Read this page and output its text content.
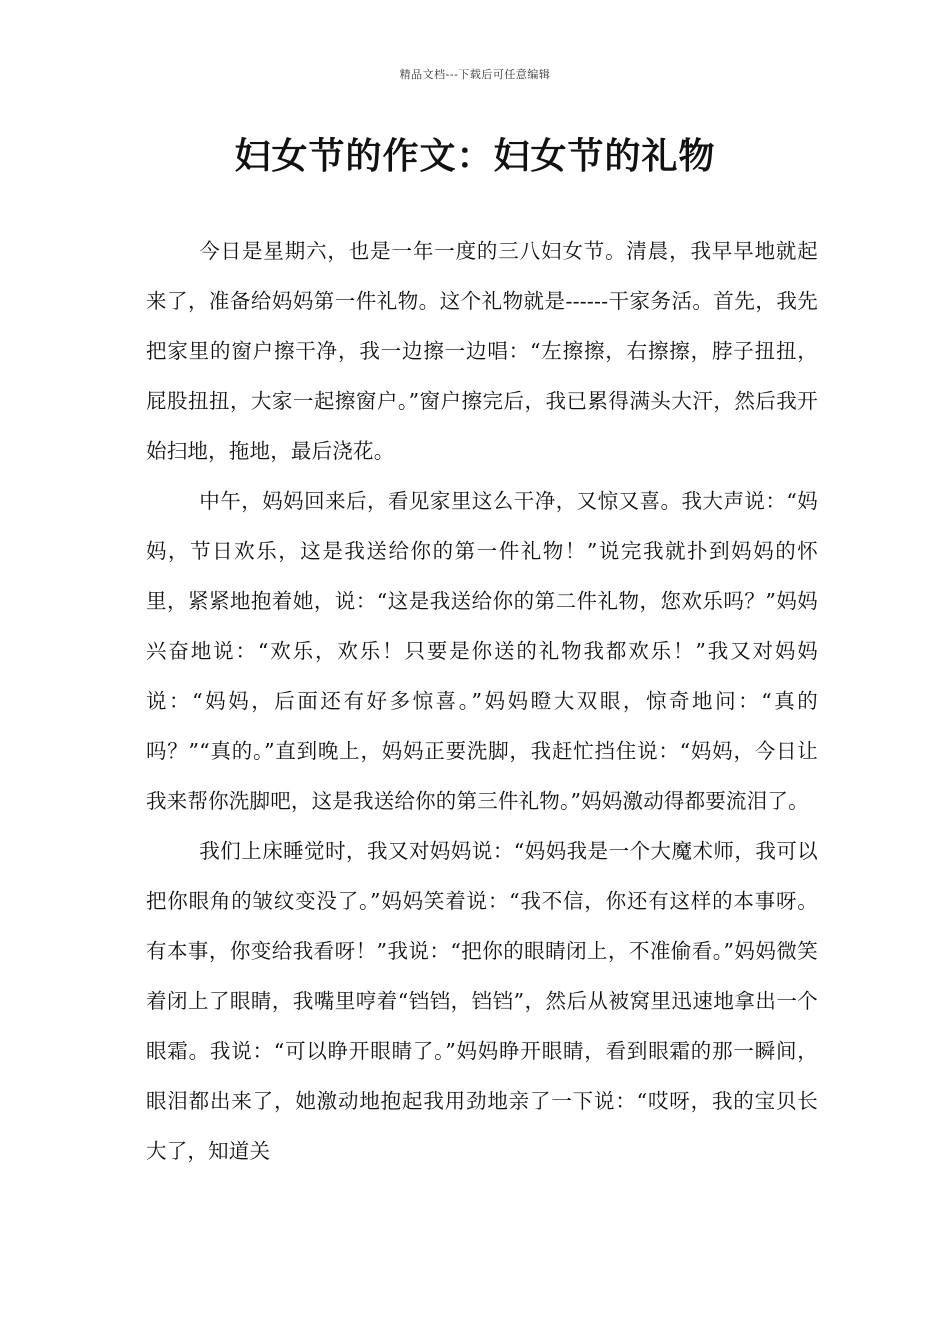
精品文档---下载后可任意编辑
妇女节的作文：妇女节的礼物

今日是星期六，也是一年一度的三八妇女节。清晨，我早早地就起来了，准备给妈妈第一件礼物。这个礼物就是------干家务活。首先，我先把家里的窗户擦干净，我一边擦一边唱：“左擦擦，右擦擦，脖子扭扭，屁股扭扭，大家一起擦窗户。”窗户擦完后，我已累得满头大汗，然后我开始扫地，拖地，最后浇花。

中午，妈妈回来后，看见家里这么干净，又惊又喜。我大声说：“妈妈，节日欢乐，这是我送给你的第一件礼物！”说完我就扑到妈妈的怀里，紧紧地抱着她，说：“这是我送给你的第二件礼物，您欢乐吗？”妈妈兴奋地说：“欢乐，欢乐！只要是你送的礼物我都欢乐！”我又对妈妈说：“妈妈，后面还有好多惊喜。”妈妈瞪大双眼，惊奇地问：“真的吗？”“真的。”直到晚上，妈妈正要洗脚，我赶忙挡住说：“妈妈，今日让我来帮你洗脚吧，这是我送给你的第三件礼物。”妈妈激动得都要流泪了。

我们上床睡觉时，我又对妈妈说：“妈妈我是一个大魔术师，我可以把你眼角的皱纹变没了。”妈妈笑着说：“我不信，你还有这样的本事呀。有本事，你变给我看呀！”我说：“把你的眼睛闭上，不准偷看。”妈妈微笑着闭上了眼睛，我嘴里哼着“铛铛，铛铛”，然后从被窝里迅速地拿出一个眼霜。我说：“可以睁开眼睛了。”妈妈睁开眼睛，看到眼霜的那一瞬间，眼泪都出来了，她激动地抱起我用劲地亲了一下说：“哎呀，我的宝贝长大了，知道关
